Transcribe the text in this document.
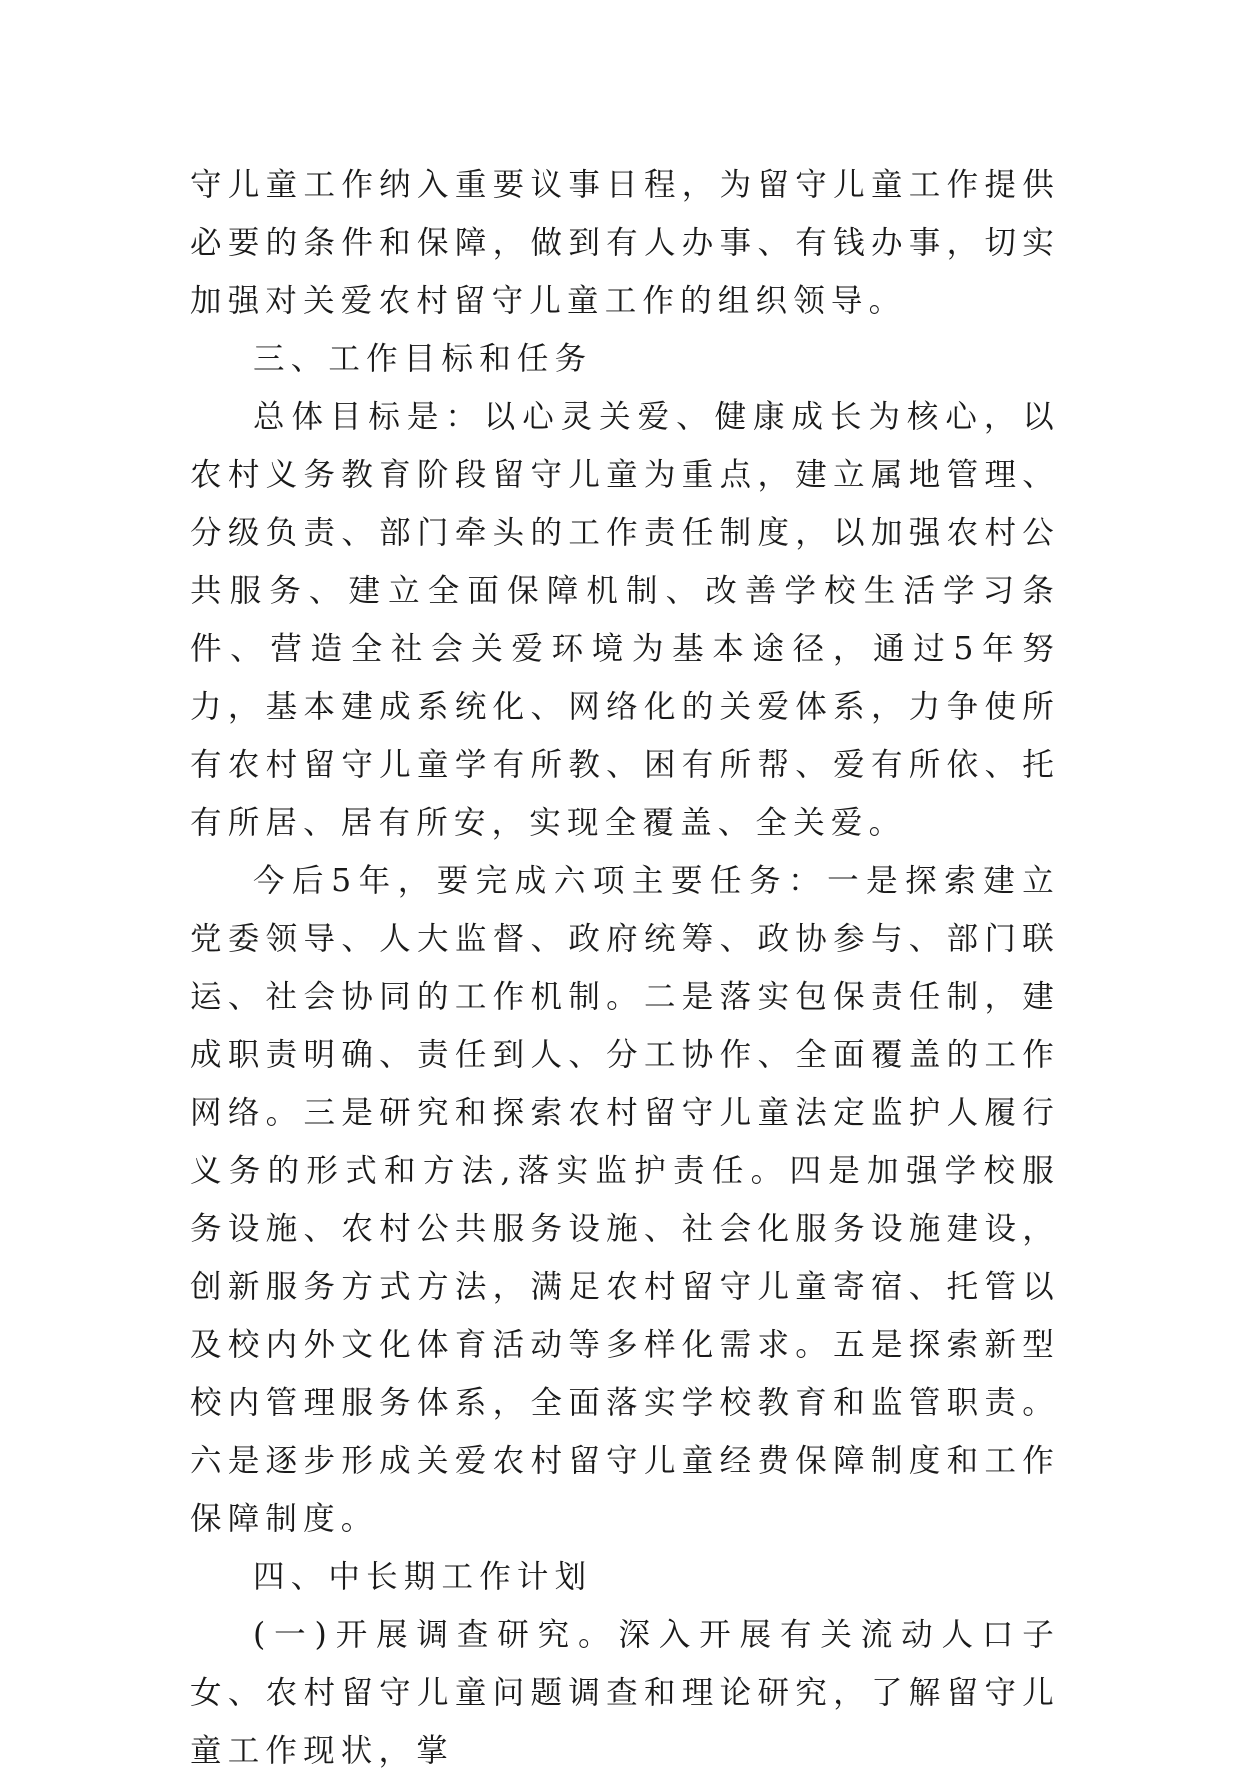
守儿童工作纳入重要议事日程，为留守儿童工作提供必要的条件和保障，做到有人办事、有钱办事，切实加强对关爱农村留守儿童工作的组织领导。

三、工作目标和任务

总体目标是：以心灵关爱、健康成长为核心，以农村义务教育阶段留守儿童为重点，建立属地管理、分级负责、部门牵头的工作责任制度，以加强农村公共服务、建立全面保障机制、改善学校生活学习条件、营造全社会关爱环境为基本途径，通过5年努力，基本建成系统化、网络化的关爱体系，力争使所有农村留守儿童学有所教、困有所帮、爱有所依、托有所居、居有所安，实现全覆盖、全关爱。

今后5年，要完成六项主要任务：一是探索建立党委领导、人大监督、政府统筹、政协参与、部门联运、社会协同的工作机制。二是落实包保责任制，建成职责明确、责任到人、分工协作、全面覆盖的工作网络。三是研究和探索农村留守儿童法定监护人履行义务的形式和方法,落实监护责任。四是加强学校服务设施、农村公共服务设施、社会化服务设施建设，创新服务方式方法，满足农村留守儿童寄宿、托管以及校内外文化体育活动等多样化需求。五是探索新型校内管理服务体系，全面落实学校教育和监管职责。六是逐步形成关爱农村留守儿童经费保障制度和工作保障制度。

四、中长期工作计划

(一)开展调查研究。深入开展有关流动人口子女、农村留守儿童问题调查和理论研究，了解留守儿童工作现状，掌
